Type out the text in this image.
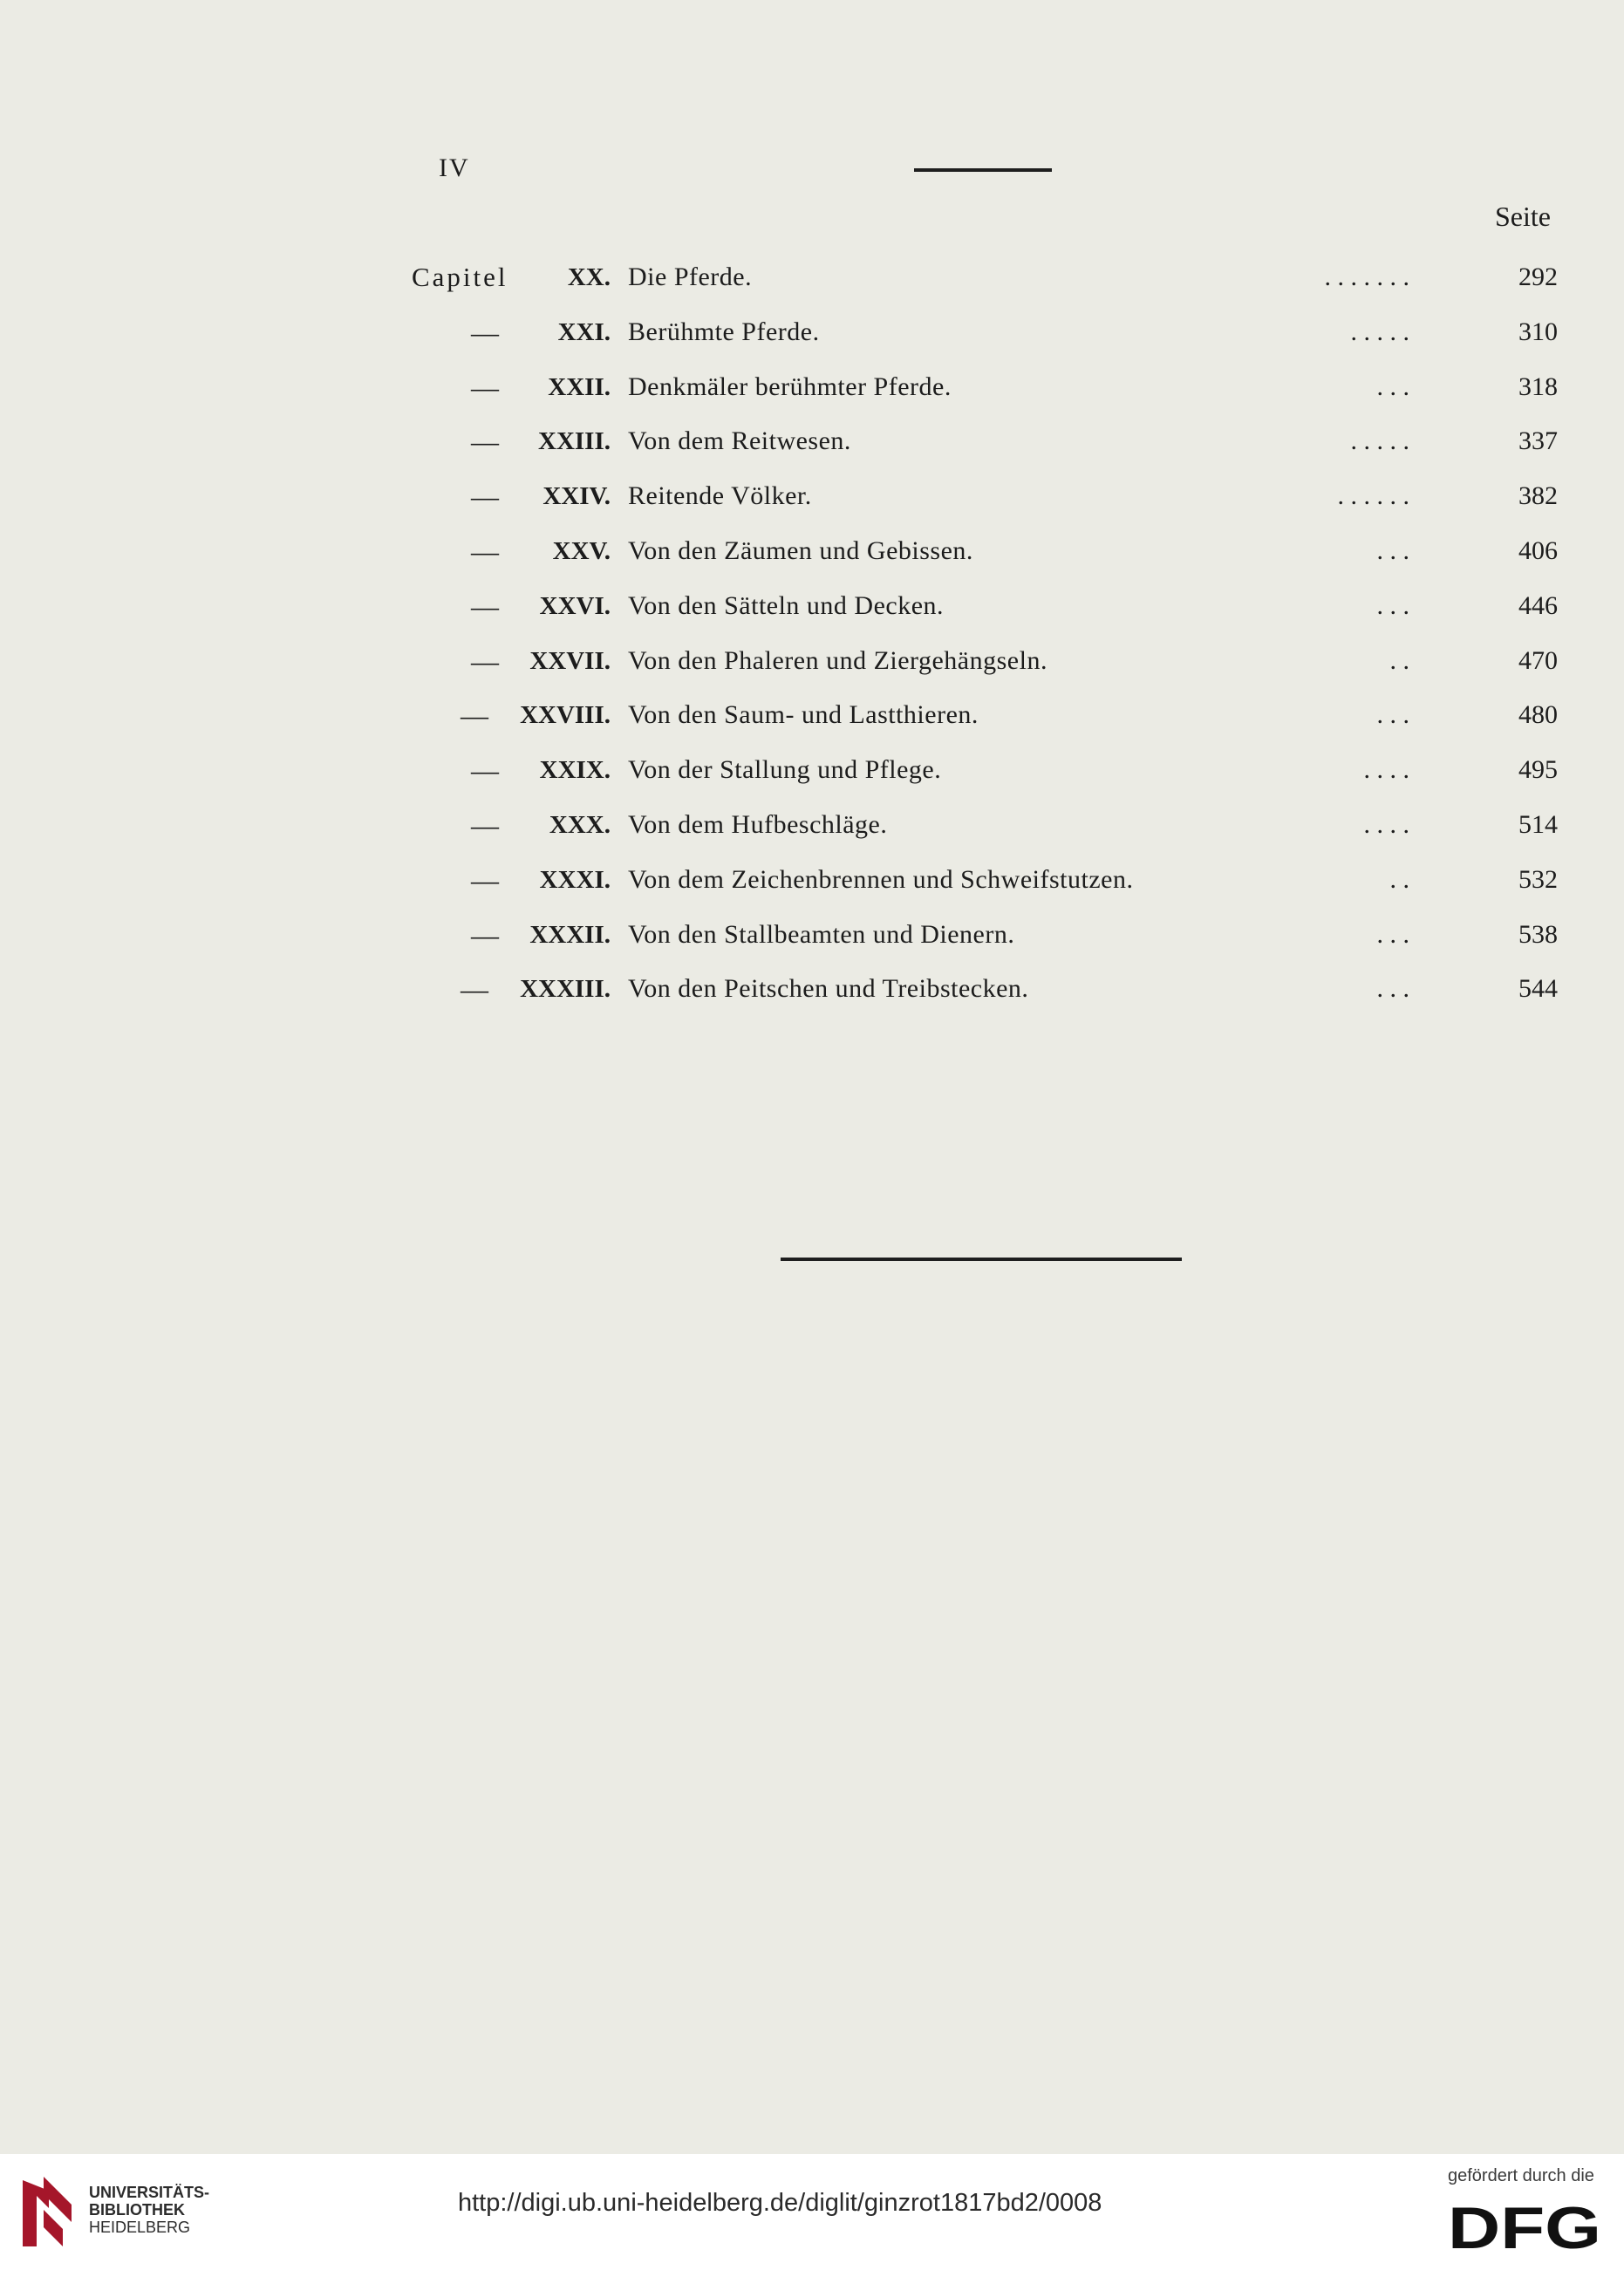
IV
Seite
Capitel XX. Die Pferde.	. . . . . . .	292
— XXI. Berühmte Pferde.	. . . . .	310
— XXII. Denkmäler berühmter Pferde.	. . .	318
— XXIII. Von dem Reitwesen.	. . . . .	337
— XXIV. Reitende Völker.	. . . . . .	382
— XXV. Von den Zäumen und Gebissen.	. . .	406
— XXVI. Von den Sätteln und Decken.	. . .	446
— XXVII. Von den Phaleren und Ziergehängseln.	. .	470
— XXVIII. Von den Saum- und Lastthieren.	. . .	480
— XXIX. Von der Stallung und Pflege.	. . . .	495
— XXX. Von dem Hufbeschläge.	. . . .	514
— XXXI. Von dem Zeichenbrennen und Schweifstutzen.	. .	532
— XXXII. Von den Stallbeamten und Dienern.	. . .	538
— XXXIII. Von den Peitschen und Treibstecken.	. . .	544
UNIVERSITÄTS-
BIBLIOTHEK
HEIDELBERG
http://digi.ub.uni-heidelberg.de/diglit/ginzrot1817bd2/0008
gefördert durch die
DFG
